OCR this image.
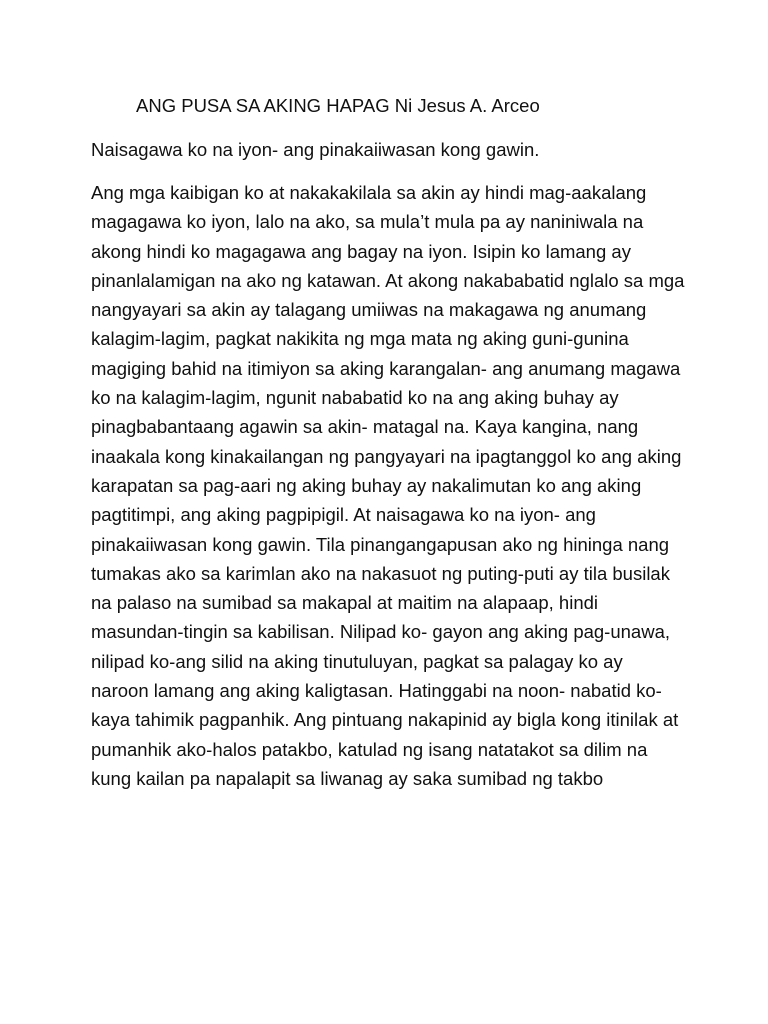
ANG PUSA SA AKING HAPAG Ni Jesus A. Arceo
Naisagawa ko na iyon- ang pinakaiiwasan kong gawin.
Ang mga kaibigan ko at nakakakilala sa akin ay hindi mag-aakalang
magagawa ko iyon, lalo na ako, sa mula’t mula pa ay naniniwala na
akong hindi ko magagawa ang bagay na iyon. Isipin ko lamang ay
pinanlalamigan na ako ng katawan. At akong nakababatid nglalo sa mga
nangyayari sa akin ay talagang umiiwas na makagawa ng anumang
kalagim-lagim, pagkat nakikita ng mga mata ng aking guni-gunina
magiging bahid na itimiyon sa aking karangalan- ang anumang magawa
ko na kalagim-lagim, ngunit nababatid ko na ang aking buhay ay
pinagbabantaang agawin sa akin- matagal na. Kaya kangina, nang
inaakala kong kinakailangan ng pangyayari na ipagtanggol ko ang aking
karapatan sa pag-aari ng aking buhay ay nakalimutan ko ang aking
pagtitimpi, ang aking pagpipigil. At naisagawa ko na iyon- ang
pinakaiiwasan kong gawin. Tila pinangangapusan ako ng hininga nang
tumakas ako sa karimlan ako na nakasuot ng puting-puti ay tila busilak
na palaso na sumibad sa makapal at maitim na alapaap, hindi
masundan-tingin sa kabilisan. Nilipad ko- gayon ang aking pag-unawa,
nilipad ko-ang silid na aking tinutuluyan, pagkat sa palagay ko ay
naroon lamang ang aking kaligtasan. Hatinggabi na noon- nabatid ko-
kaya tahimik pagpanhik. Ang pintuang nakapinid ay bigla kong itinilak at
pumanhik ako-halos patakbo, katulad ng isang natatakot sa dilim na
kung kailan pa napalapit sa liwanag ay saka sumibad ng takbo
